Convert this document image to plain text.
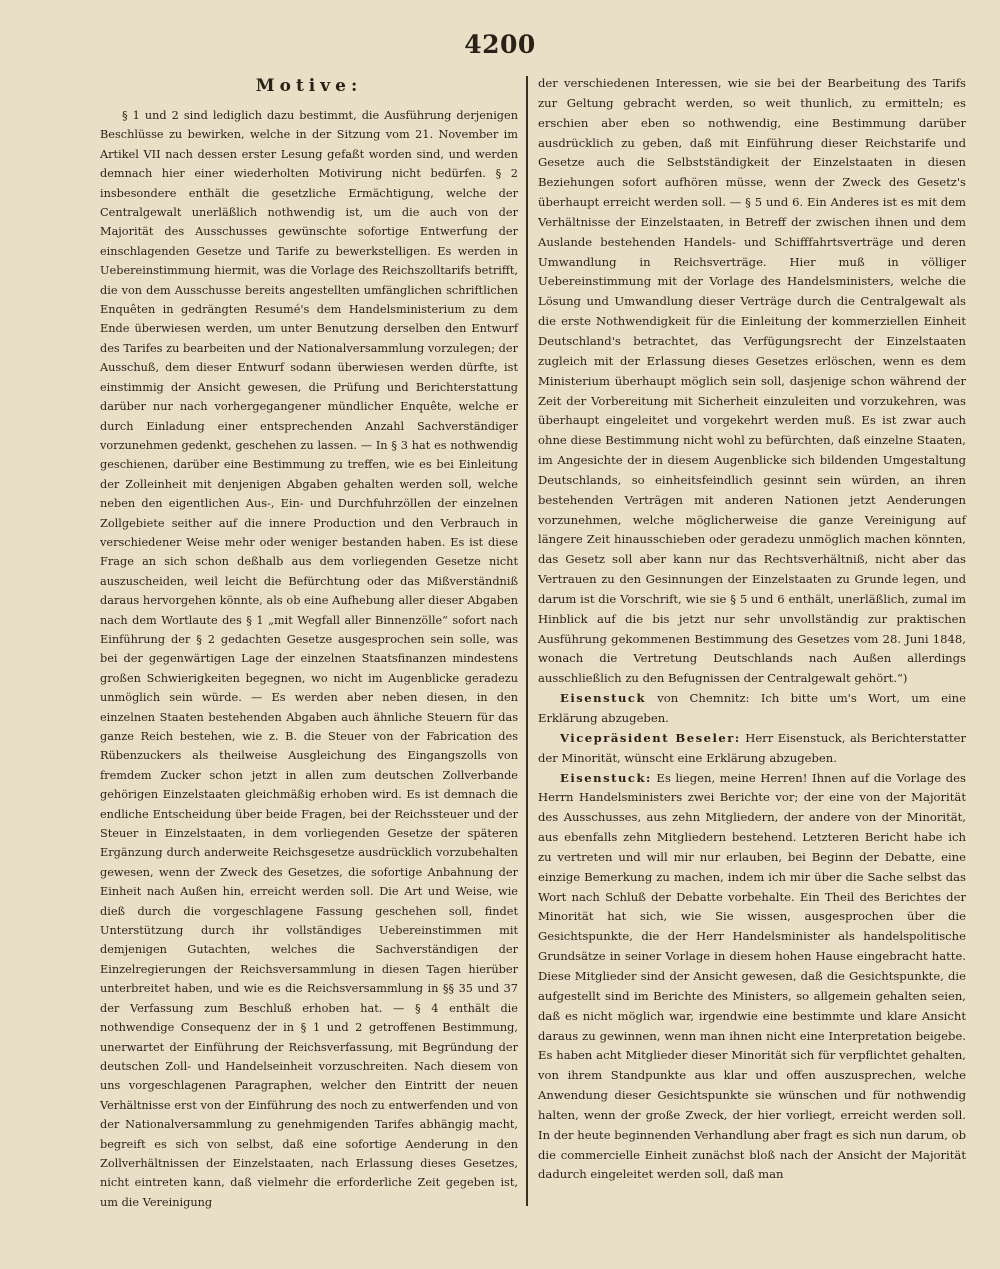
4200
Motive:

§ 1 und 2 sind lediglich dazu bestimmt, die Ausführung derjenigen Beschlüsse zu bewirken, welche in der Sitzung vom 21. November im Artikel VII nach dessen erster Lesung gefaßt worden sind, und werden demnach hier einer wiederholten Motivirung nicht bedürfen. § 2 insbesondere enthält die gesetzliche Ermächtigung, welche der Centralgewalt unerläßlich nothwendig ist, um die auch von der Majorität des Ausschusses gewünschte sofortige Entwerfung der einschlagenden Gesetze und Tarife zu bewerkstelligen. Es werden in Uebereinstimmung hiermit, was die Vorlage des Reichszolltarifs betrifft, die von dem Ausschusse bereits angestellten umfänglichen schriftlichen Enquêten in gedrängten Resumé's dem Handelsministerium zu dem Ende überwiesen werden, um unter Benutzung derselben den Entwurf des Tarifes zu bearbeiten und der Nationalversammlung vorzulegen; der Ausschuß, dem dieser Entwurf sodann überwiesen werden dürfte, ist einstimmig der Ansicht gewesen, die Prüfung und Berichterstattung darüber nur nach vorhergegangener mündlicher Enquête, welche er durch Einladung einer entsprechenden Anzahl Sachverständiger vorzunehmen gedenkt, geschehen zu lassen. — In § 3 hat es nothwendig geschienen, darüber eine Bestimmung zu treffen, wie es bei Einleitung der Zolleinheit mit denjenigen Abgaben gehalten werden soll, welche neben den eigentlichen Aus-, Ein- und Durchfuhrzöllen der einzelnen Zollgebiete seither auf die innere Production und den Verbrauch in verschiedener Weise mehr oder weniger bestanden haben. Es ist diese Frage an sich schon deßhalb aus dem vorliegenden Gesetze nicht auszuscheiden, weil leicht die Befürchtung oder das Mißverständniß daraus hervorgehen könnte, als ob eine Aufhebung aller dieser Abgaben nach dem Wortlaute des § 1 „mit Wegfall aller Binnenzölle“ sofort nach Einführung der § 2 gedachten Gesetze ausgesprochen sein solle, was bei der gegenwärtigen Lage der einzelnen Staatsfinanzen mindestens großen Schwierigkeiten begegnen, wo nicht im Augenblicke geradezu unmöglich sein würde. — Es werden aber neben diesen, in den einzelnen Staaten bestehenden Abgaben auch ähnliche Steuern für das ganze Reich bestehen, wie z. B. die Steuer von der Fabrication des Rübenzuckers als theilweise Ausgleichung des Eingangszolls von fremdem Zucker schon jetzt in allen zum deutschen Zollverbande gehörigen Einzelstaaten gleichmäßig erhoben wird. Es ist demnach die endliche Entscheidung über beide Fragen, bei der Reichssteuer und der Steuer in Einzelstaaten, in dem vorliegenden Gesetze der späteren Ergänzung durch anderweite Reichsgesetze ausdrücklich vorzubehalten gewesen, wenn der Zweck des Gesetzes, die sofortige Anbahnung der Einheit nach Außen hin, erreicht werden soll. Die Art und Weise, wie dieß durch die vorgeschlagene Fassung geschehen soll, findet Unterstützung durch ihr vollständiges Uebereinstimmen mit demjenigen Gutachten, welches die Sachverständigen der Einzelregierungen der Reichsversammlung in diesen Tagen hierüber unterbreitet haben, und wie es die Reichsversammlung in §§ 35 und 37 der Verfassung zum Beschluß erhoben hat. — § 4 enthält die nothwendige Consequenz der in § 1 und 2 getroffenen Bestimmung, unerwartet der Einführung der Reichsverfassung, mit Begründung der deutschen Zoll- und Handelseinheit vorzuschreiten. Nach diesem von uns vorgeschlagenen Paragraphen, welcher den Eintritt der neuen Verhältnisse erst von der Einführung des noch zu entwerfenden und von der Nationalversammlung zu genehmigenden Tarifes abhängig macht, begreift es sich von selbst, daß eine sofortige Aenderung in den Zollverhältnissen der Einzelstaaten, nach Erlassung dieses Gesetzes, nicht eintreten kann, daß vielmehr die erforderliche Zeit gegeben ist, um die Vereinigung

der verschiedenen Interessen, wie sie bei der Bearbeitung des Tarifs zur Geltung gebracht werden, so weit thunlich, zu ermitteln; es erschien aber eben so nothwendig, eine Bestimmung darüber ausdrücklich zu geben, daß mit Einführung dieser Reichstarife und Gesetze auch die Selbstständigkeit der Einzelstaaten in diesen Beziehungen sofort aufhören müsse, wenn der Zweck des Gesetz's überhaupt erreicht werden soll. — § 5 und 6. Ein Anderes ist es mit dem Verhältnisse der Einzelstaaten, in Betreff der zwischen ihnen und dem Auslande bestehenden Handels- und Schifffahrtsverträge und deren Umwandlung in Reichsverträge. Hier muß in völliger Uebereinstimmung mit der Vorlage des Handelsministers, welche die Lösung und Umwandlung dieser Verträge durch die Centralgewalt als die erste Nothwendigkeit für die Einleitung der kommerziellen Einheit Deutschland's betrachtet, das Verfügungsrecht der Einzelstaaten zugleich mit der Erlassung dieses Gesetzes erlöschen, wenn es dem Ministerium überhaupt möglich sein soll, dasjenige schon während der Zeit der Vorbereitung mit Sicherheit einzuleiten und vorzukehren, was überhaupt eingeleitet und vorgekehrt werden muß. Es ist zwar auch ohne diese Bestimmung nicht wohl zu befürchten, daß einzelne Staaten, im Angesichte der in diesem Augenblicke sich bildenden Umgestaltung Deutschlands, so einheitsfeindlich gesinnt sein würden, an ihren bestehenden Verträgen mit anderen Nationen jetzt Aenderungen vorzunehmen, welche möglicherweise die ganze Vereinigung auf längere Zeit hinausschieben oder geradezu unmöglich machen könnten, das Gesetz soll aber kann nur das Rechtsverhältniß, nicht aber das Vertrauen zu den Gesinnungen der Einzelstaaten zu Grunde legen, und darum ist die Vorschrift, wie sie § 5 und 6 enthält, unerläßlich, zumal im Hinblick auf die bis jetzt nur sehr unvollständig zur praktischen Ausführung gekommenen Bestimmung des Gesetzes vom 28. Juni 1848, wonach die Vertretung Deutschlands nach Außen allerdings ausschließlich zu den Befugnissen der Centralgewalt gehört.“)

Eisenstuck von Chemnitz: Ich bitte um's Wort, um eine Erklärung abzugeben.

Vicepräsident Beseler: Herr Eisenstuck, als Berichterstatter der Minorität, wünscht eine Erklärung abzugeben.

Eisenstuck: Es liegen, meine Herren! Ihnen auf die Vorlage des Herrn Handelsministers zwei Berichte vor; der eine von der Majorität des Ausschusses, aus zehn Mitgliedern, der andere von der Minorität, aus ebenfalls zehn Mitgliedern bestehend. Letzteren Bericht habe ich zu vertreten und will mir nur erlauben, bei Beginn der Debatte, eine einzige Bemerkung zu machen, indem ich mir über die Sache selbst das Wort nach Schluß der Debatte vorbehalte. Ein Theil des Berichtes der Minorität hat sich, wie Sie wissen, ausgesprochen über die Gesichtspunkte, die der Herr Handelsminister als handelspolitische Grundsätze in seiner Vorlage in diesem hohen Hause eingebracht hatte. Diese Mitglieder sind der Ansicht gewesen, daß die Gesichtspunkte, die aufgestellt sind im Berichte des Ministers, so allgemein gehalten seien, daß es nicht möglich war, irgendwie eine bestimmte und klare Ansicht daraus zu gewinnen, wenn man ihnen nicht eine Interpretation beigebe. Es haben acht Mitglieder dieser Minorität sich für verpflichtet gehalten, von ihrem Standpunkte aus klar und offen auszusprechen, welche Anwendung dieser Gesichtspunkte sie wünschen und für nothwendig halten, wenn der große Zweck, der hier vorliegt, erreicht werden soll. In der heute beginnenden Verhandlung aber fragt es sich nun darum, ob die commercielle Einheit zunächst bloß nach der Ansicht der Majorität dadurch eingeleitet werden soll, daß man
